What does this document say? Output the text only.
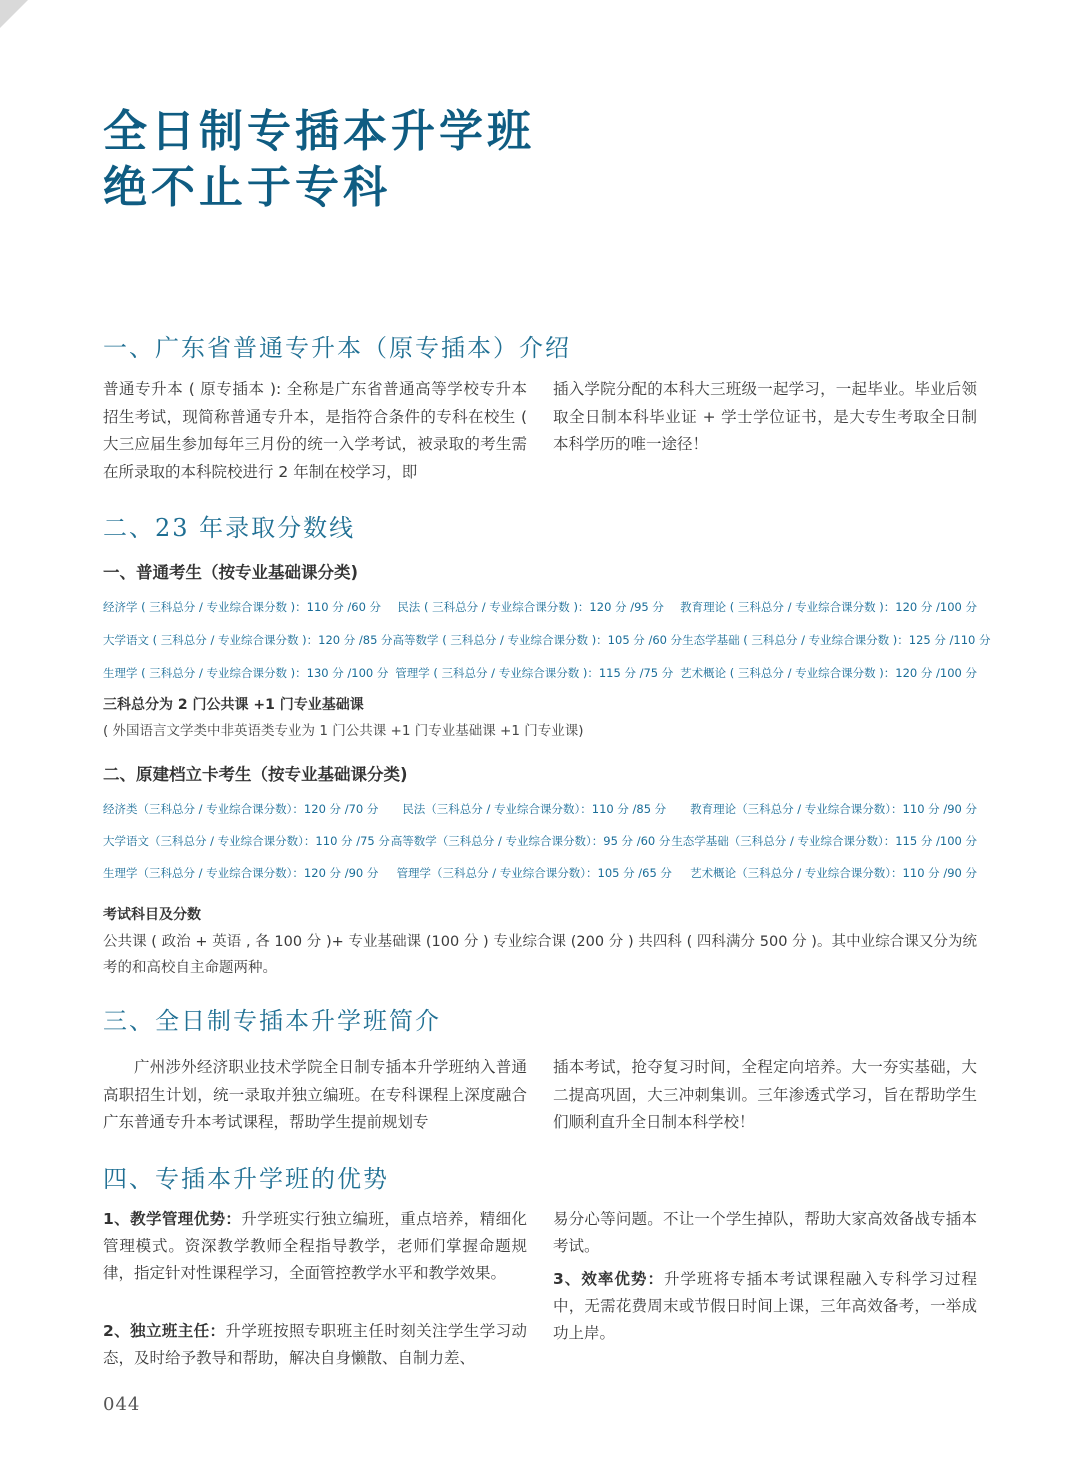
全日制专插本升学班
绝不止于专科
一、广东省普通专升本（原专插本）介绍

普通专升本 ( 原专插本 ): 全称是广东省普通高等学校专升本招生考试，现简称普通专升本，是指符合条件的专科在校生 ( 大三应届生参加每年三月份的统一入学考试，被录取的考生需在所录取的本科院校进行 2 年制在校学习，即

插入学院分配的本科大三班级一起学习，一起毕业。毕业后领取全日制本科毕业证 + 学士学位证书，是大专生考取全日制本科学历的唯一途径！

二、23 年录取分数线
一、普通考生（按专业基础课分类)
经济学 ( 三科总分 / 专业综合课分数 )：110 分 /60 分 民法 ( 三科总分 / 专业综合课分数 )：120 分 /95 分 教育理论 ( 三科总分 / 专业综合课分数 )：120 分 /100 分
大学语文 ( 三科总分 / 专业综合课分数 )：120 分 /85 分 高等数学 ( 三科总分 / 专业综合课分数 )：105 分 /60 分 生态学基础 ( 三科总分 / 专业综合课分数 )：125 分 /110 分
生理学 ( 三科总分 / 专业综合课分数 )：130 分 /100 分 管理学 ( 三科总分 / 专业综合课分数 )：115 分 /75 分 艺术概论 ( 三科总分 / 专业综合课分数 )：120 分 /100 分
三科总分为 2 门公共课 +1 门专业基础课
( 外国语言文学类中非英语类专业为 1 门公共课 +1 门专业基础课 +1 门专业课)
二、原建档立卡考生（按专业基础课分类)
经济类（三科总分 / 专业综合课分数）：120 分 /70 分 民法（三科总分 / 专业综合课分数）：110 分 /85 分 教育理论（三科总分 / 专业综合课分数）：110 分 /90 分
大学语文（三科总分 / 专业综合课分数）：110 分 /75 分 高等数学（三科总分 / 专业综合课分数）：95 分 /60 分 生态学基础（三科总分 / 专业综合课分数）：115 分 /100 分
生理学（三科总分 / 专业综合课分数）：120 分 /90 分 管理学（三科总分 / 专业综合课分数）：105 分 /65 分 艺术概论（三科总分 / 专业综合课分数）：110 分 /90 分
考试科目及分数

公共课 ( 政治 + 英语 , 各 100 分 )+ 专业基础课 (100 分 ) 专业综合课 (200 分 ) 共四科 ( 四科满分 500 分 )。其中业综合课又分为统考的和高校自主命题两种。

三、全日制专插本升学班简介

广州涉外经济职业技术学院全日制专插本升学班纳入普通高职招生计划，统一录取并独立编班。在专科课程上深度融合广东普通专升本考试课程，帮助学生提前规划专

插本考试，抢夺复习时间，全程定向培养。大一夯实基础，大二提高巩固，大三冲刺集训。三年渗透式学习，旨在帮助学生们顺利直升全日制本科学校！

四、专插本升学班的优势

1、教学管理优势：升学班实行独立编班，重点培养，精细化管理模式。资深教学教师全程指导教学，老师们掌握命题规律，指定针对性课程学习，全面管控教学水平和教学效果。

2、独立班主任：升学班按照专职班主任时刻关注学生学习动态，及时给予教导和帮助，解决自身懒散、自制力差、

易分心等问题。不让一个学生掉队，帮助大家高效备战专插本考试。

3、效率优势：升学班将专插本考试课程融入专科学习过程中，无需花费周末或节假日时间上课，三年高效备考，一举成功上岸。

044
